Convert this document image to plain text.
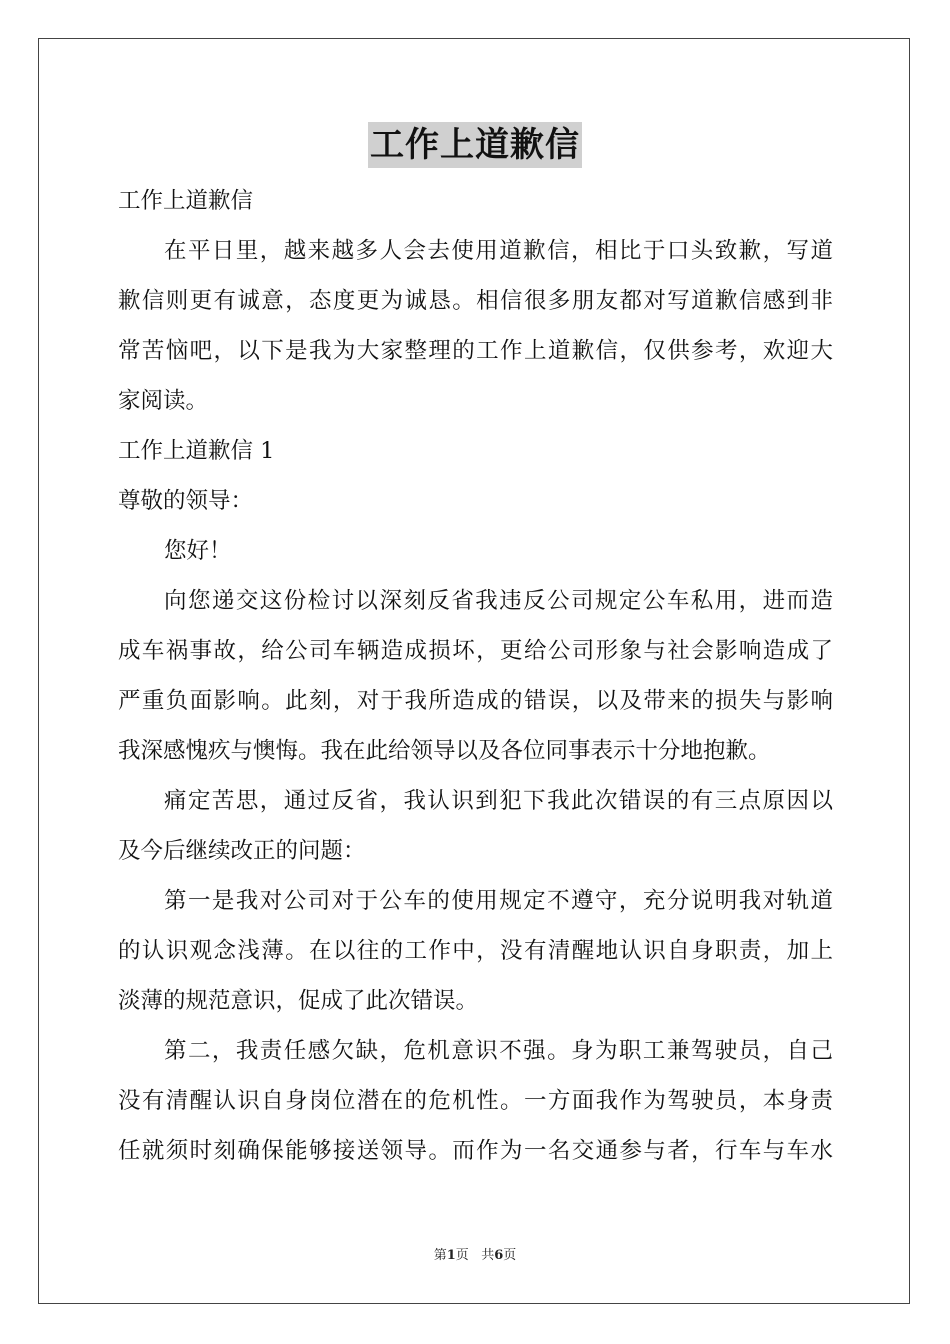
工作上道歉信
工作上道歉信
在平日里，越来越多人会去使用道歉信，相比于口头致歉，写道
歉信则更有诚意，态度更为诚恳。相信很多朋友都对写道歉信感到非
常苦恼吧，以下是我为大家整理的工作上道歉信，仅供参考，欢迎大
家阅读。
工作上道歉信 1
尊敬的领导：
您好！
向您递交这份检讨以深刻反省我违反公司规定公车私用，进而造
成车祸事故，给公司车辆造成损坏，更给公司形象与社会影响造成了
严重负面影响。此刻，对于我所造成的错误，以及带来的损失与影响
我深感愧疚与懊悔。我在此给领导以及各位同事表示十分地抱歉。
痛定苦思，通过反省，我认识到犯下我此次错误的有三点原因以
及今后继续改正的问题：
第一是我对公司对于公车的使用规定不遵守，充分说明我对轨道
的认识观念浅薄。在以往的工作中，没有清醒地认识自身职责，加上
淡薄的规范意识，促成了此次错误。
第二，我责任感欠缺，危机意识不强。身为职工兼驾驶员，自己
没有清醒认识自身岗位潜在的危机性。一方面我作为驾驶员，本身责
任就须时刻确保能够接送领导。而作为一名交通参与者，行车与车水
第1页 共6页
